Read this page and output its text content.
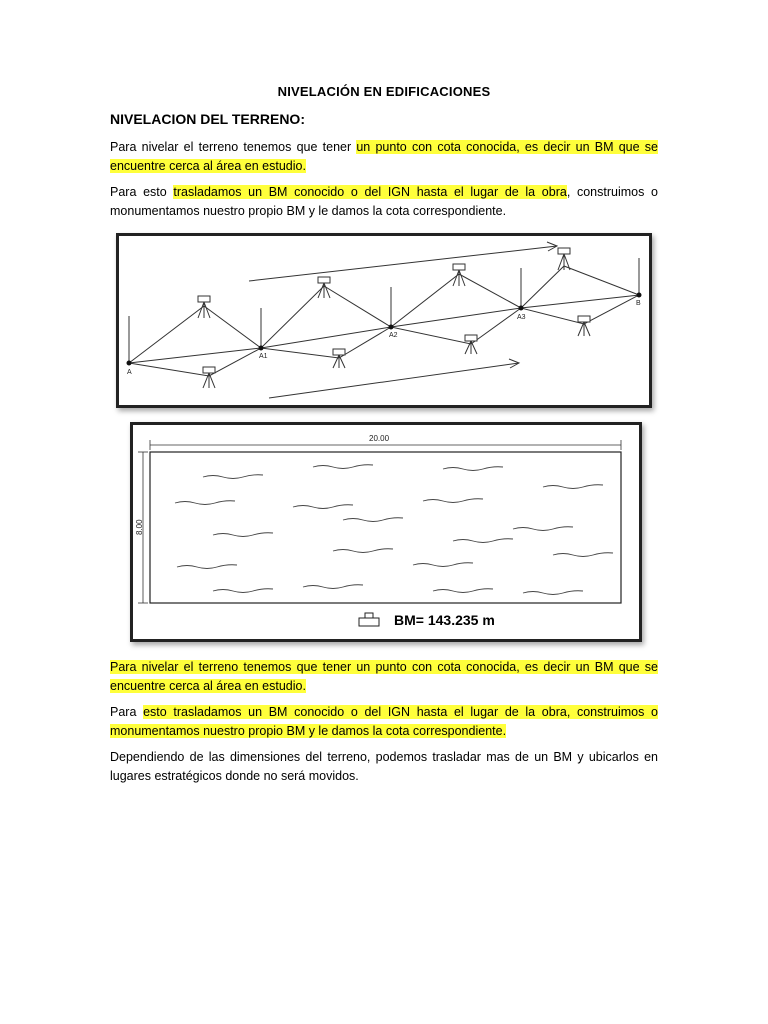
NIVELACIÓN EN EDIFICACIONES
NIVELACION DEL TERRENO:
Para nivelar el terreno tenemos que tener un punto con cota conocida, es decir un BM que se encuentre cerca al área en estudio.
Para esto trasladamos un BM conocido o del IGN hasta el lugar de la obra, construimos o monumentamos nuestro propio BM y le damos la cota correspondiente.
A
A1
A2
A3
B
20.00
8.00
BM= 143.235 m
Para nivelar el terreno tenemos que tener un punto con cota conocida, es decir un BM que se encuentre cerca al área en estudio.
Para esto trasladamos un BM conocido o del IGN hasta el lugar de la obra, construimos o monumentamos nuestro propio BM y le damos la cota correspondiente.
Dependiendo de las dimensiones del terreno, podemos trasladar mas de un BM y ubicarlos en lugares estratégicos donde no será movidos.
